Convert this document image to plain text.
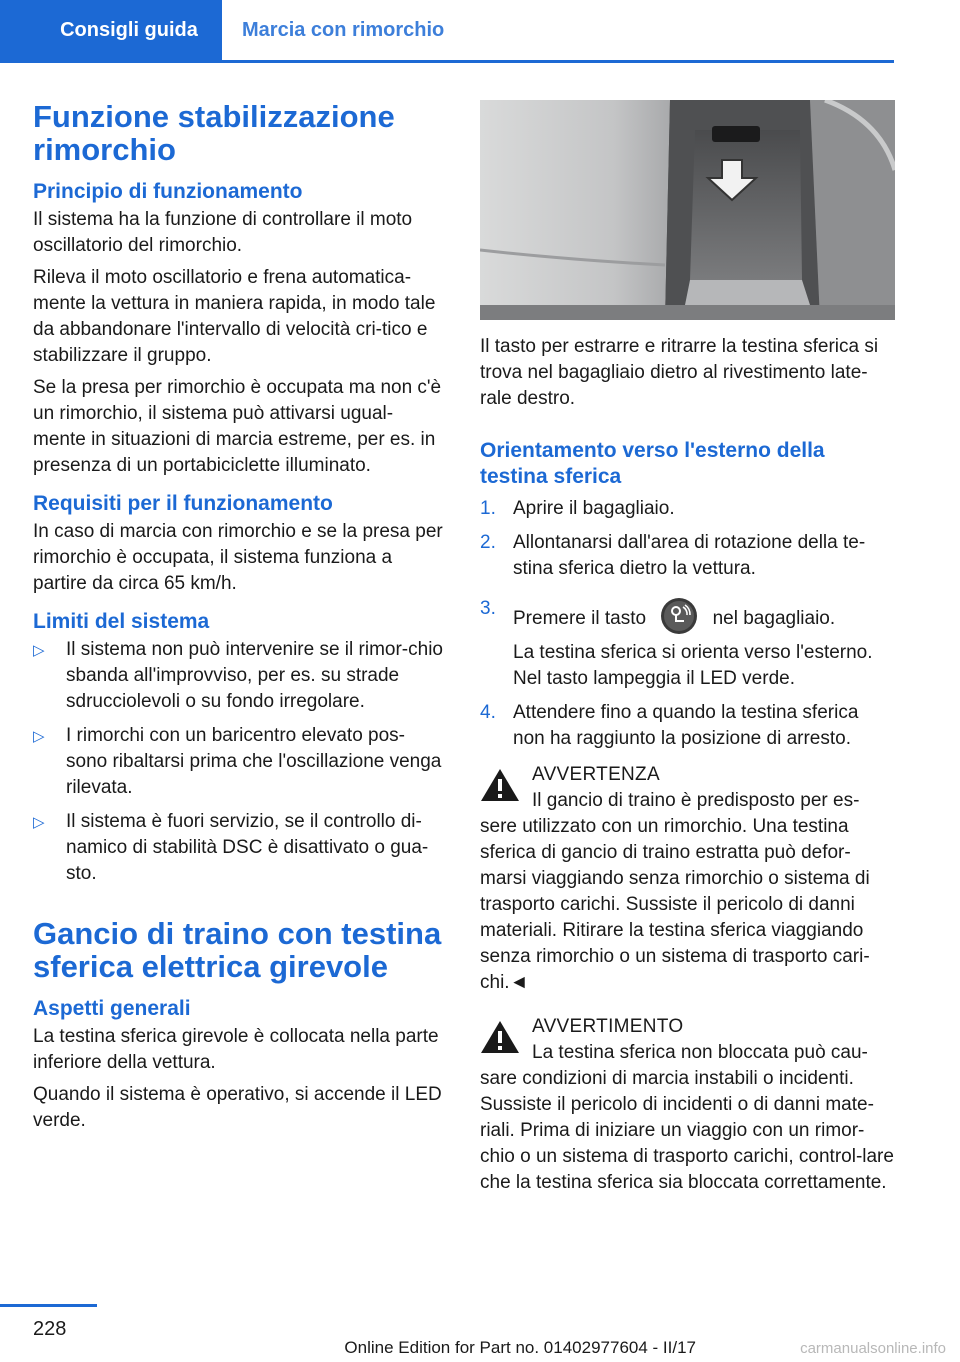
Consigli guida Marcia con rimorchio
Funzione stabilizzazione rimorchio
Principio di funzionamento

Il sistema ha la funzione di controllare il moto oscillatorio del rimorchio.

Rileva il moto oscillatorio e frena automatica-mente la vettura in maniera rapida, in modo tale da abbandonare l'intervallo di velocità cri-tico e stabilizzare il gruppo.

Se la presa per rimorchio è occupata ma non c'è un rimorchio, il sistema può attivarsi ugual-mente in situazioni di marcia estreme, per es. in presenza di un portabiciclette illuminato.

Requisiti per il funzionamento

In caso di marcia con rimorchio e se la presa per rimorchio è occupata, il sistema funziona a partire da circa 65 km/h.

Limiti del sistema
▷ Il sistema non può intervenire se il rimor-chio sbanda all'improvviso, per es. su strade sdrucciolevoli o su fondo irregolare.
▷ I rimorchi con un baricentro elevato pos-sono ribaltarsi prima che l'oscillazione venga rilevata.
▷ Il sistema è fuori servizio, se il controllo di-namico di stabilità DSC è disattivato o gua-sto.
Gancio di traino con testina sferica elettrica girevole
Aspetti generali

La testina sferica girevole è collocata nella parte inferiore della vettura.

Quando il sistema è operativo, si accende il LED verde.

Il tasto per estrarre e ritrarre la testina sferica si trova nel bagagliaio dietro al rivestimento late-rale destro.

Orientamento verso l'esterno della testina sferica
1. Aprire il bagagliaio.
2. Allontanarsi dall'area di rotazione della te-stina sferica dietro la vettura.
3. Premere il tasto	nel bagagliaio.
La testina sferica si orienta verso l'esterno. Nel tasto lampeggia il LED verde.
4. Attendere fino a quando la testina sferica non ha raggiunto la posizione di arresto.
AVVERTENZA
Il gancio di traino è predisposto per es-sere utilizzato con un rimorchio. Una testina sferica di gancio di traino estratta può defor-marsi viaggiando senza rimorchio o sistema di trasporto carichi. Sussiste il pericolo di danni materiali. Ritirare la testina sferica viaggiando senza rimorchio o un sistema di trasporto cari-chi.◄
AVVERTIMENTO
La testina sferica non bloccata può cau-sare condizioni di marcia instabili o incidenti. Sussiste il pericolo di incidenti o di danni mate-riali. Prima di iniziare un viaggio con un rimor-chio o un sistema di trasporto carichi, control-lare che la testina sferica sia bloccata correttamente.
228
Online Edition for Part no. 01402977604 - II/17	carmanualsonline.info
